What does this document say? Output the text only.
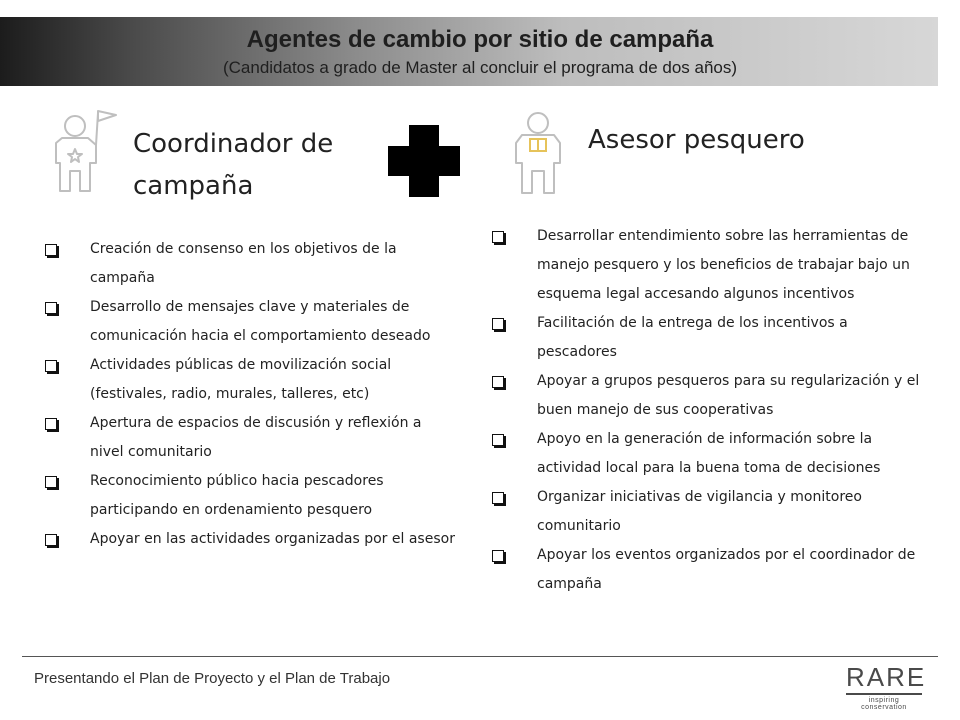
Agentes de cambio por sitio de campaña
(Candidatos a grado de Master al concluir el programa de dos años)
Coordinador de
campaña
Asesor pesquero
Creación de consenso en los objetivos de la campaña
Desarrollo de mensajes clave y materiales de comunicación hacia el comportamiento deseado
Actividades públicas de movilización social (festivales, radio, murales, talleres, etc)
Apertura de espacios de discusión y reflexión a nivel comunitario
Reconocimiento público hacia pescadores participando en ordenamiento pesquero
Apoyar en las actividades organizadas por el asesor
Desarrollar entendimiento sobre las herramientas de manejo pesquero y los beneficios de trabajar bajo un esquema legal accesando algunos incentivos
Facilitación de la entrega de los incentivos a pescadores
Apoyar a grupos pesqueros para su regularización y el buen manejo de sus cooperativas
Apoyo en la generación de información sobre la actividad local para la buena toma de decisiones
Organizar iniciativas de vigilancia y monitoreo comunitario
Apoyar los eventos organizados por el coordinador de campaña
Presentando el Plan de Proyecto y el Plan de Trabajo	RARE
inspiring conservation
